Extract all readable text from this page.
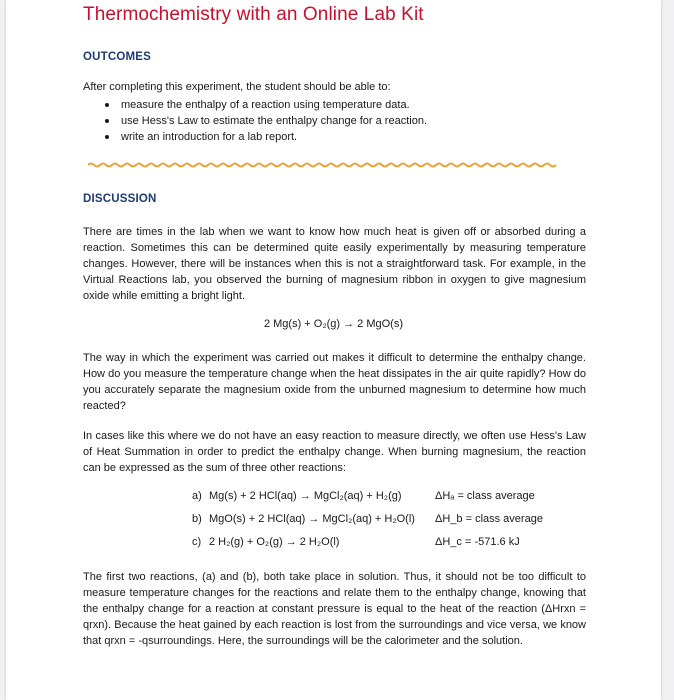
Thermochemistry with an Online Lab Kit
OUTCOMES
After completing this experiment, the student should be able to:
measure the enthalpy of a reaction using temperature data.
use Hess's Law to estimate the enthalpy change for a reaction.
write an introduction for a lab report.
DISCUSSION

There are times in the lab when we want to know how much heat is given off or absorbed during a reaction. Sometimes this can be determined quite easily experimentally by measuring temperature changes. However, there will be instances when this is not a straightforward task. For example, in the Virtual Reactions lab, you observed the burning of magnesium ribbon in oxygen to give magnesium oxide while emitting a bright light.

2 Mg(s) + O₂(g) → 2 MgO(s)

The way in which the experiment was carried out makes it difficult to determine the enthalpy change. How do you measure the temperature change when the heat dissipates in the air quite rapidly? How do you accurately separate the magnesium oxide from the unburned magnesium to determine how much reacted?

In cases like this where we do not have an easy reaction to measure directly, we often use Hess's Law of Heat Summation in order to predict the enthalpy change. When burning magnesium, the reaction can be expressed as the sum of three other reactions:

a) Mg(s) + 2 HCl(aq) → MgCl₂(aq) + H₂(g)	ΔHₐ = class average
b) MgO(s) + 2 HCl(aq) → MgCl₂(aq) + H₂O(l) ΔH_b = class average
c) 2 H₂(g) + O₂(g) → 2 H₂O(l)	ΔH_c = -571.6 kJ

The first two reactions, (a) and (b), both take place in solution. Thus, it should not be too difficult to measure temperature changes for the reactions and relate them to the enthalpy change, knowing that the enthalpy change for a reaction at constant pressure is equal to the heat of the reaction (ΔHrxn = qrxn). Because the heat gained by each reaction is lost from the surroundings and vice versa, we know that qrxn = -qsurroundings. Here, the surroundings will be the calorimeter and the solution.
